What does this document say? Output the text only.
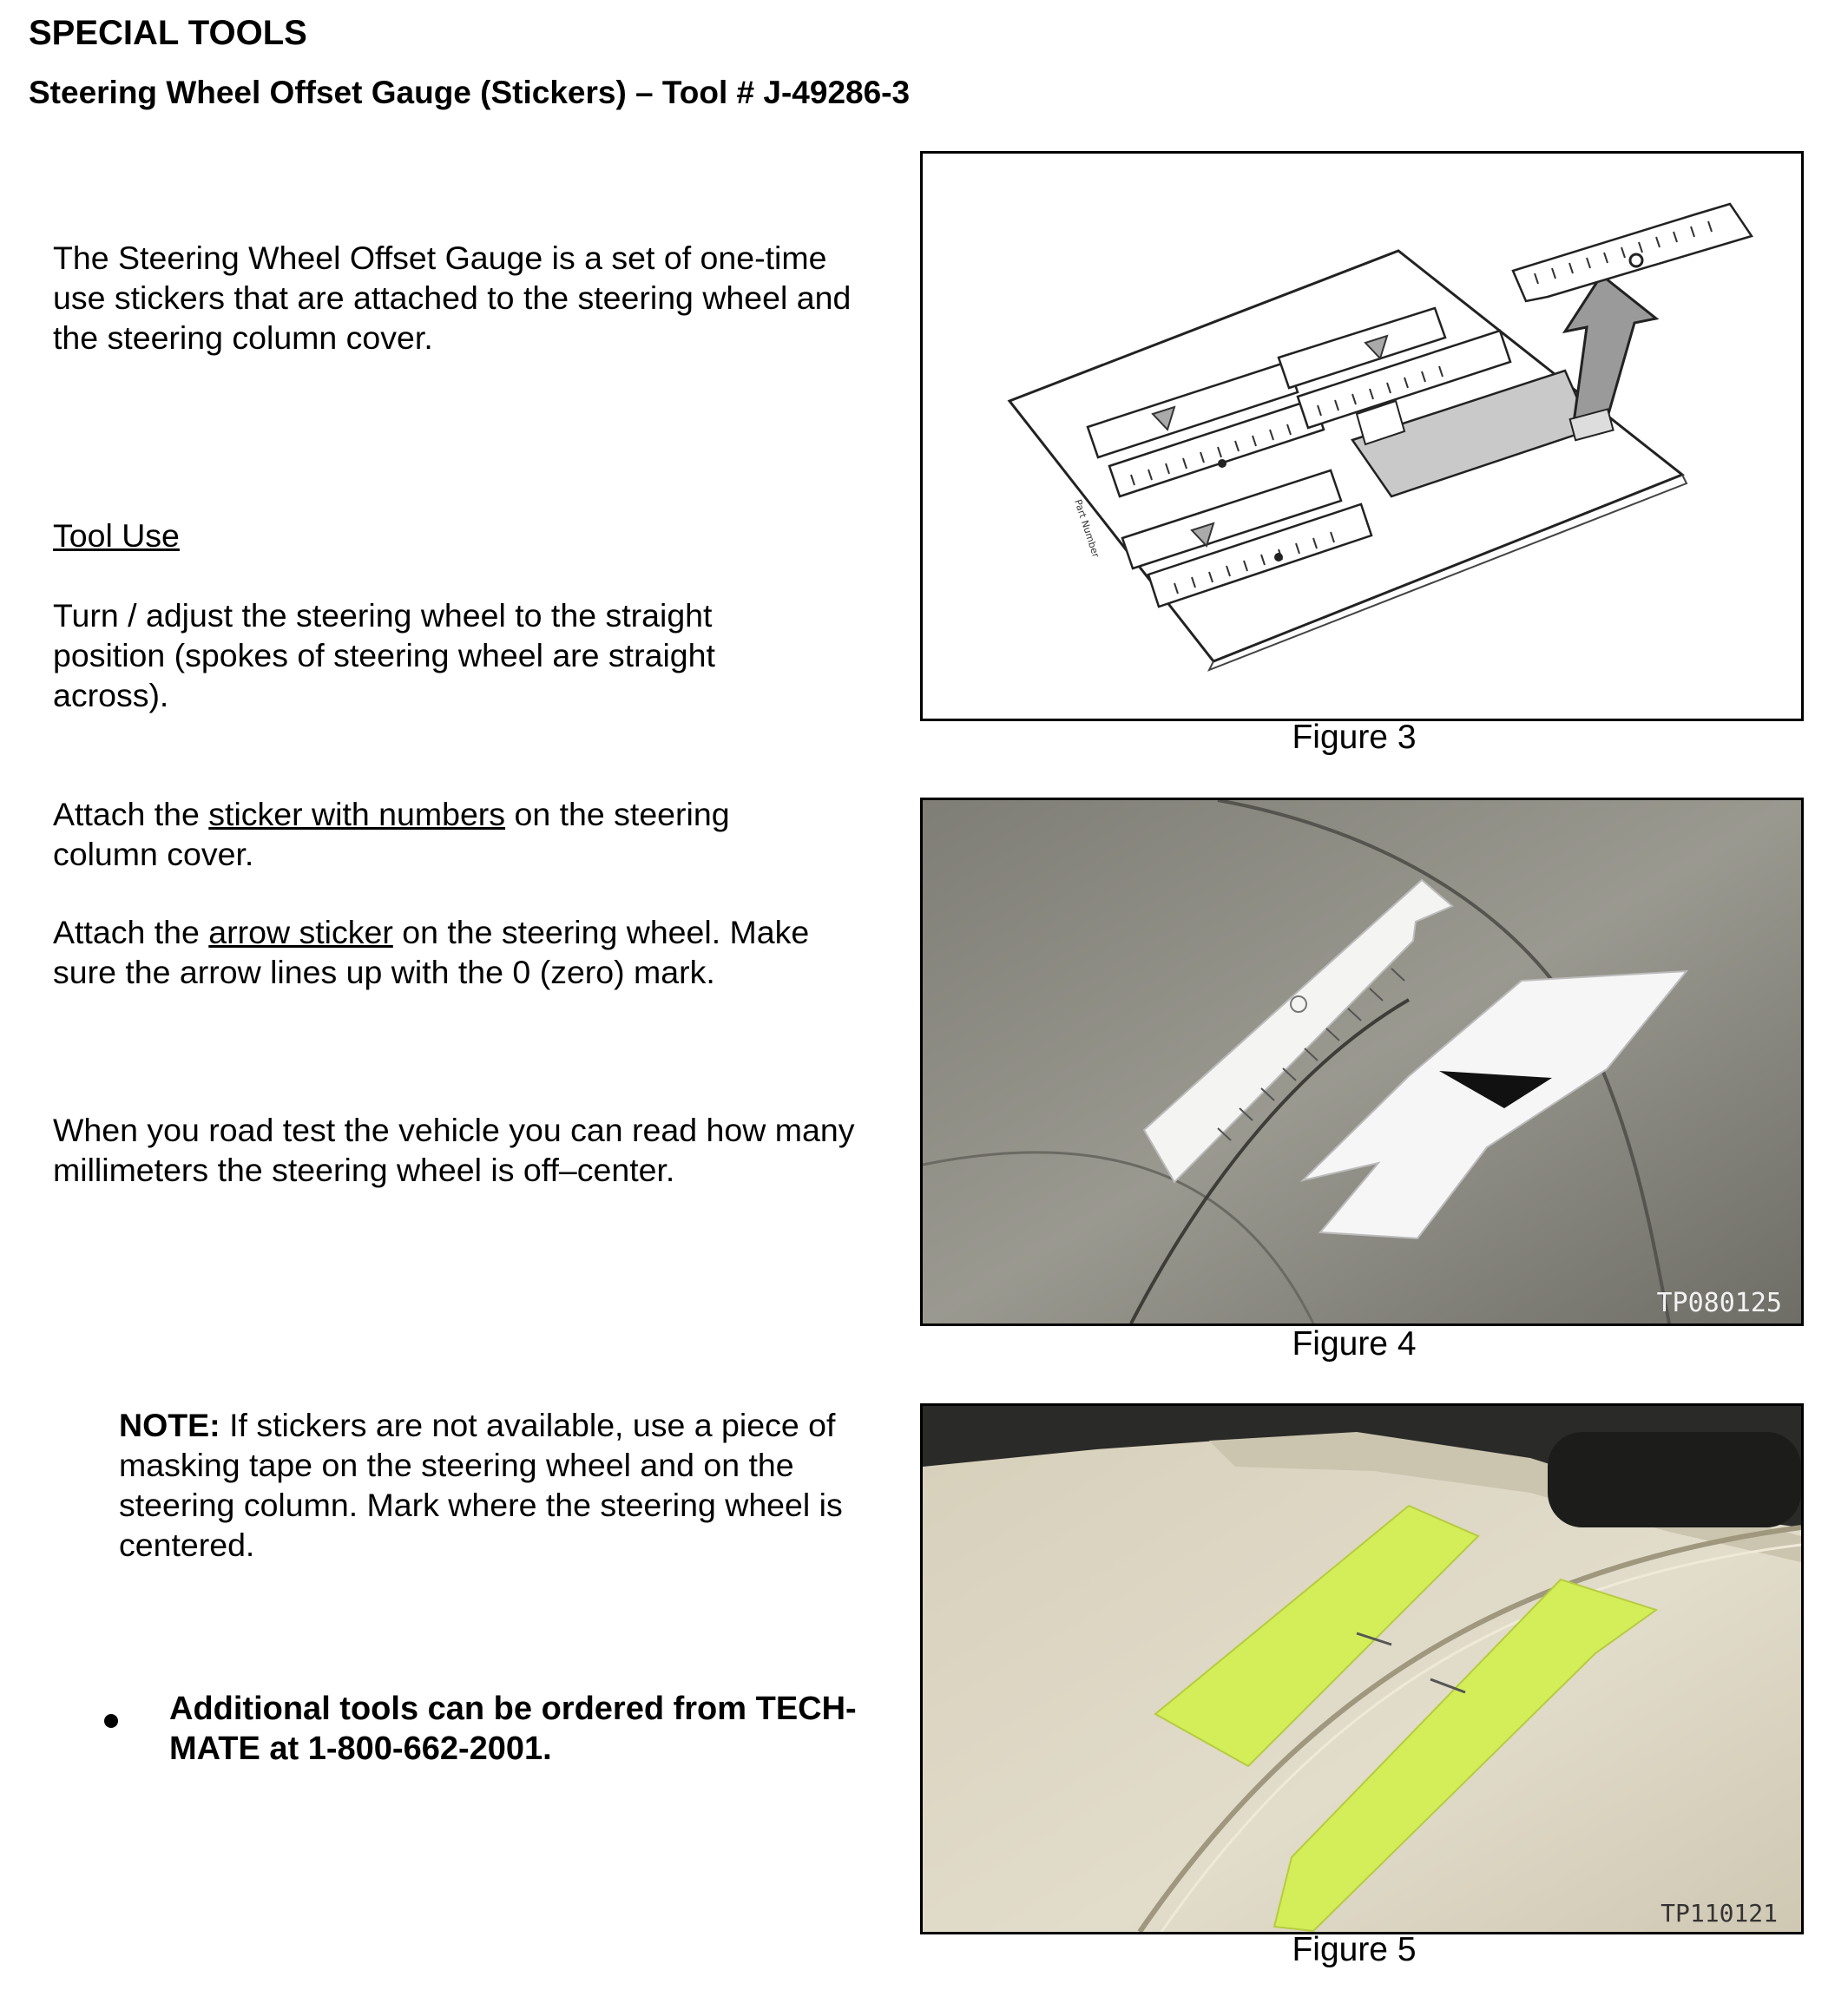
SPECIAL TOOLS
Steering Wheel Offset Gauge (Stickers) – Tool # J-49286-3

The Steering Wheel Offset Gauge is a set of one-time use stickers that are attached to the steering wheel and the steering column cover.

Tool Use

Turn / adjust the steering wheel to the straight position (spokes of steering wheel are straight across).

Attach the sticker with numbers on the steering column cover.

Attach the arrow sticker on the steering wheel. Make sure the arrow lines up with the 0 (zero) mark.

When you road test the vehicle you can read how many millimeters the steering wheel is off–center.

NOTE: If stickers are not available, use a piece of masking tape on the steering wheel and on the steering column. Mark where the steering wheel is centered.

Additional tools can be ordered from TECH-MATE at 1-800-662-2001.

Part Number
Figure 3
TP080125
Figure 4
TP110121
Figure 5
